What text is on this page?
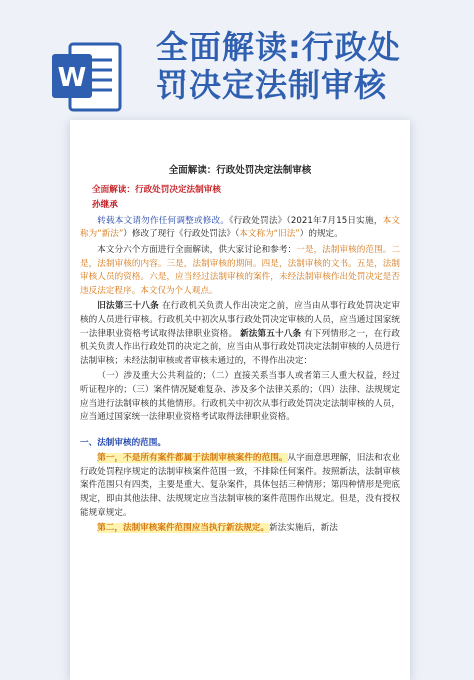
W
全面解读:行政处
罚决定法制审核
全面解读：行政处罚决定法制审核
全面解读：行政处罚决定法制审核
孙继承

转载本文请勿作任何调整或修改。《行政处罚法》（2021年7月15日实施，本文称为“新法”）修改了现行《行政处罚法》（本文称为“旧法”）的规定。

本文分六个方面进行全面解读，供大家讨论和参考：一是，法制审核的范围。二是，法制审核的内容。三是，法制审核的期间。四是，法制审核的文书。五是，法制审核人员的资格。六是，应当经过法制审核的案件，未经法制审核作出处罚决定是否违反法定程序。本文仅为个人观点。

旧法第三十八条 在行政机关负责人作出决定之前，应当由从事行政处罚决定审核的人员进行审核。行政机关中初次从事行政处罚决定审核的人员，应当通过国家统一法律职业资格考试取得法律职业资格。 新法第五十八条 有下列情形之一，在行政机关负责人作出行政处罚的决定之前，应当由从事行政处罚决定法制审核的人员进行法制审核；未经法制审核或者审核未通过的，不得作出决定：

（一）涉及重大公共利益的；（二）直接关系当事人或者第三人重大权益，经过听证程序的；（三）案件情况疑难复杂、涉及多个法律关系的；（四）法律、法规规定应当进行法制审核的其他情形。行政机关中初次从事行政处罚决定法制审核的人员，应当通过国家统一法律职业资格考试取得法律职业资格。

一、法制审核的范围。

第一，不是所有案件都属于法制审核案件的范围。从字面意思理解，旧法和农业行政处罚程序规定的法制审核案件范围一致，不排除任何案件。按照新法，法制审核案件范围只有四类，主要是重大、复杂案件，具体包括三种情形；第四种情形是兜底规定，即由其他法律、法规规定应当法制审核的案件范围作出规定。但是，没有授权能规章规定。

第二，法制审核案件范围应当执行新法规定。新法实施后，新法
